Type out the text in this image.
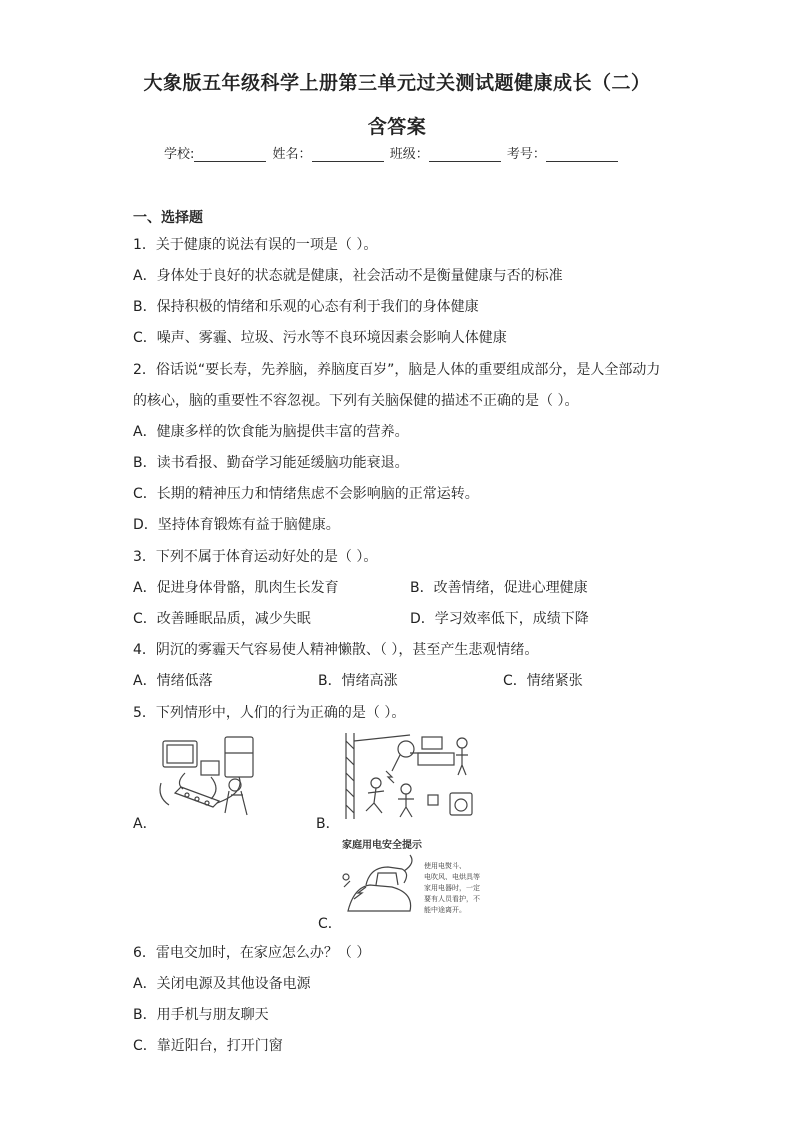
大象版五年级科学上册第三单元过关测试题健康成长（二）
含答案
学校:	姓名：	班级：	考号：
一、选择题
1．关于健康的说法有误的一项是（ ）。
A．身体处于良好的状态就是健康，社会活动不是衡量健康与否的标准
B．保持积极的情绪和乐观的心态有利于我们的身体健康
C．噪声、雾霾、垃圾、污水等不良环境因素会影响人体健康
2．俗话说“要长寿，先养脑，养脑度百岁”，脑是人体的重要组成部分，是人全部动力
的核心，脑的重要性不容忽视。下列有关脑保健的描述不正确的是（ ）。
A．健康多样的饮食能为脑提供丰富的营养。
B．读书看报、勤奋学习能延缓脑功能衰退。
C．长期的精神压力和情绪焦虑不会影响脑的正常运转。
D．坚持体育锻炼有益于脑健康。
3．下列不属于体育运动好处的是（ ）。
A．促进身体骨骼，肌肉生长发育	B．改善情绪，促进心理健康
C．改善睡眠品质，减少失眠	D．学习效率低下，成绩下降
4．阴沉的雾霾天气容易使人精神懒散、（ ），甚至产生悲观情绪。
A．情绪低落	B．情绪高涨	C．情绪紧张
5．下列情形中，人们的行为正确的是（ ）。
A．	B．
家庭用电安全提示
使用电熨斗、
电吹风、电烘具等
家用电器时，一定
要有人员看护，不
能中途离开。
C．
6．雷电交加时，在家应怎么办？（ ）
A．关闭电源及其他设备电源
B．用手机与朋友聊天
C．靠近阳台，打开门窗
